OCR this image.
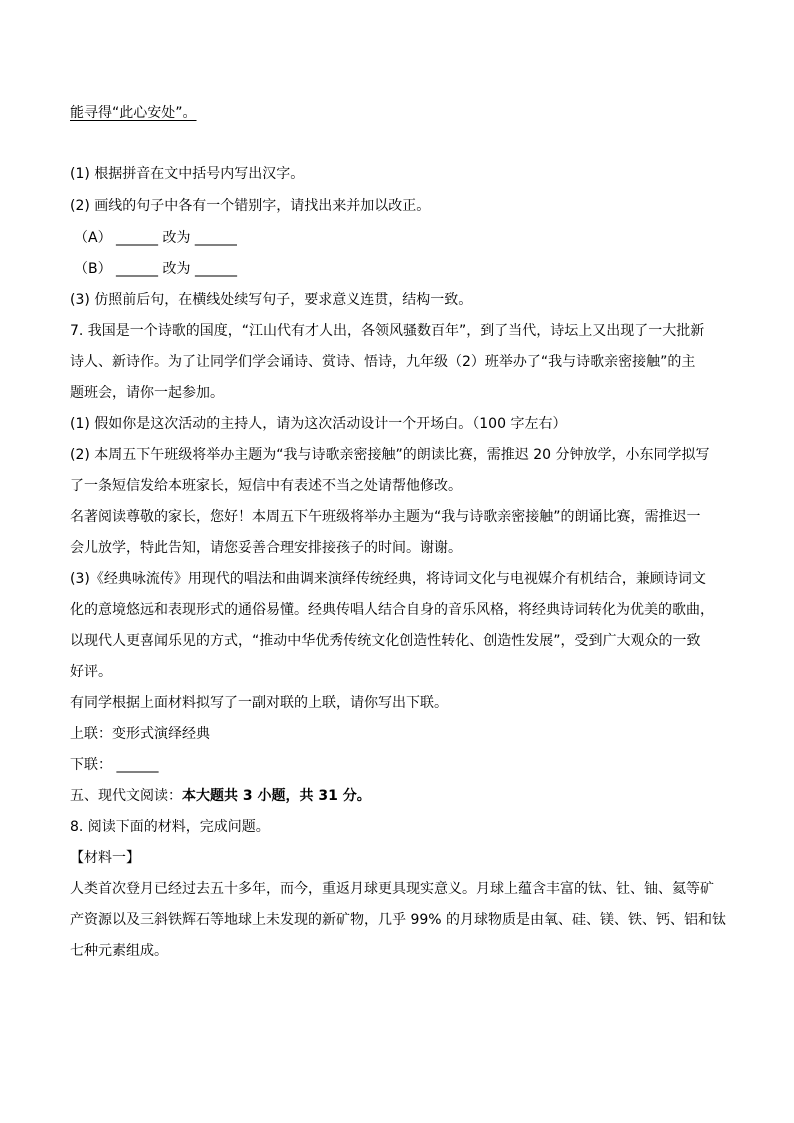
能寻得“此心安处”。
(1) 根据拼音在文中括号内写出汉字。
(2) 画线的句子中各有一个错别字，请找出来并加以改正。
（A） ______ 改为 ______
（B） ______ 改为 ______
(3) 仿照前后句，在横线处续写句子，要求意义连贯，结构一致。
7. 我国是一个诗歌的国度，“江山代有才人出，各领风骚数百年”，到了当代，诗坛上又出现了一大批新
诗人、新诗作。为了让同学们学会诵诗、赏诗、悟诗，九年级（2）班举办了“我与诗歌亲密接触”的主
题班会，请你一起参加。
(1) 假如你是这次活动的主持人，请为这次活动设计一个开场白。（100 字左右）
(2) 本周五下午班级将举办主题为“我与诗歌亲密接触”的朗读比赛，需推迟 20 分钟放学，小东同学拟写
了一条短信发给本班家长，短信中有表述不当之处请帮他修改。
名著阅读尊敬的家长，您好！本周五下午班级将举办主题为“我与诗歌亲密接触”的朗诵比赛，需推迟一
会儿放学，特此告知，请您妥善合理安排接孩子的时间。谢谢。
(3)《经典咏流传》用现代的唱法和曲调来演绎传统经典，将诗词文化与电视媒介有机结合，兼顾诗词文
化的意境悠远和表现形式的通俗易懂。经典传唱人结合自身的音乐风格，将经典诗词转化为优美的歌曲，
以现代人更喜闻乐见的方式，“推动中华优秀传统文化创造性转化、创造性发展”，受到广大观众的一致
好评。
有同学根据上面材料拟写了一副对联的上联，请你写出下联。
上联：变形式演绎经典
下联： ______
五、现代文阅读：本大题共 3 小题，共 31 分。
8. 阅读下面的材料，完成问题。
【材料一】
人类首次登月已经过去五十多年，而今，重返月球更具现实意义。月球上蕴含丰富的钛、钍、铀、氦等矿
产资源以及三斜铁辉石等地球上未发现的新矿物，几乎 99% 的月球物质是由氧、硅、镁、铁、钙、铝和钛
七种元素组成。
